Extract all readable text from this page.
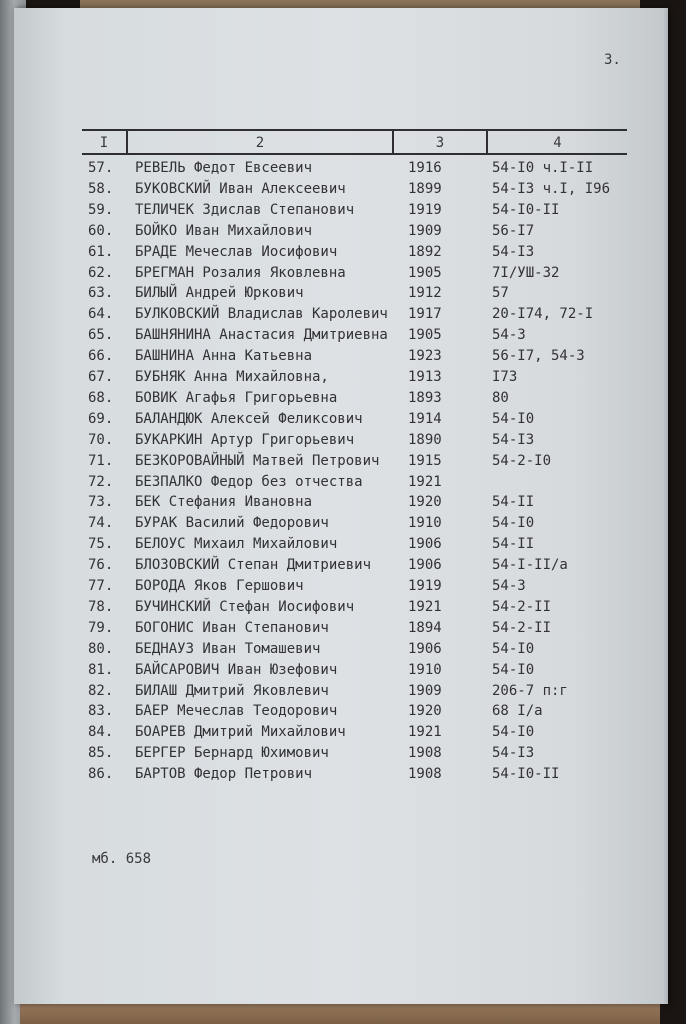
3.
I	2	3	4
57.	РЕВЕЛЬ Федот Евсеевич	1916	54-I0 ч.I-II
58.	БУКОВСКИЙ Иван Алексеевич	1899	54-I3 ч.I, I96
59.	ТЕЛИЧЕК Здислав Степанович	1919	54-I0-II
60.	БОЙКО Иван Михайлович	1909	56-I7
61.	БРАДЕ Мечеслав Иосифович	1892	54-I3
62.	БРЕГМАН Розалия Яковлевна	1905	7I/УШ-32
63.	БИЛЫЙ Андрей Юркович	1912	57
64.	БУЛКОВСКИЙ Владислав Каролевич 1917	20-I74, 72-I
65.	БАШНЯНИНА Анастасия Дмитриевна 1905	54-3
66.	БАШНИНА Анна Катьевна	1923	56-I7, 54-3
67.	БУБНЯК Анна Михайловна,	1913	I73
68.	БОВИК Агафья Григорьевна	1893	80
69.	БАЛАНДЮК Алексей Феликсович	1914	54-I0
70.	БУКАРКИН Артур Григорьевич	1890	54-I3
71.	БЕЗКОРОВАЙНЫЙ Матвей Петрович 1915	54-2-I0
72.	БЕЗПАЛКО Федор без отчества	1921
73.	БЕК Стефания Ивановна	1920	54-II
74.	БУРАК Василий Федорович	1910	54-I0
75.	БЕЛОУС Михаил Михайлович	1906	54-II
76.	БЛОЗОВСКИЙ Степан Дмитриевич	1906	54-I-II/а
77.	БОРОДА Яков Гершович	1919	54-3
78.	БУЧИНСКИЙ Стефан Иосифович	1921	54-2-II
79.	БОГОНИС Иван Степанович	1894	54-2-II
80.	БЕДНАУЗ Иван Томашевич	1906	54-I0
81.	БАЙСАРОВИЧ Иван Юзефович	1910	54-I0
82.	БИЛАШ Дмитрий Яковлевич	1909	206-7 п:г
83.	БАЕР Мечеслав Теодорович	1920	68 I/а
84.	БОАРЕВ Дмитрий Михайлович	1921	54-I0
85.	БЕРГЕР Бернард Юхимович	1908	54-I3
86.	БАРТОВ Федор Петрович	1908	54-I0-II
мб. 658
